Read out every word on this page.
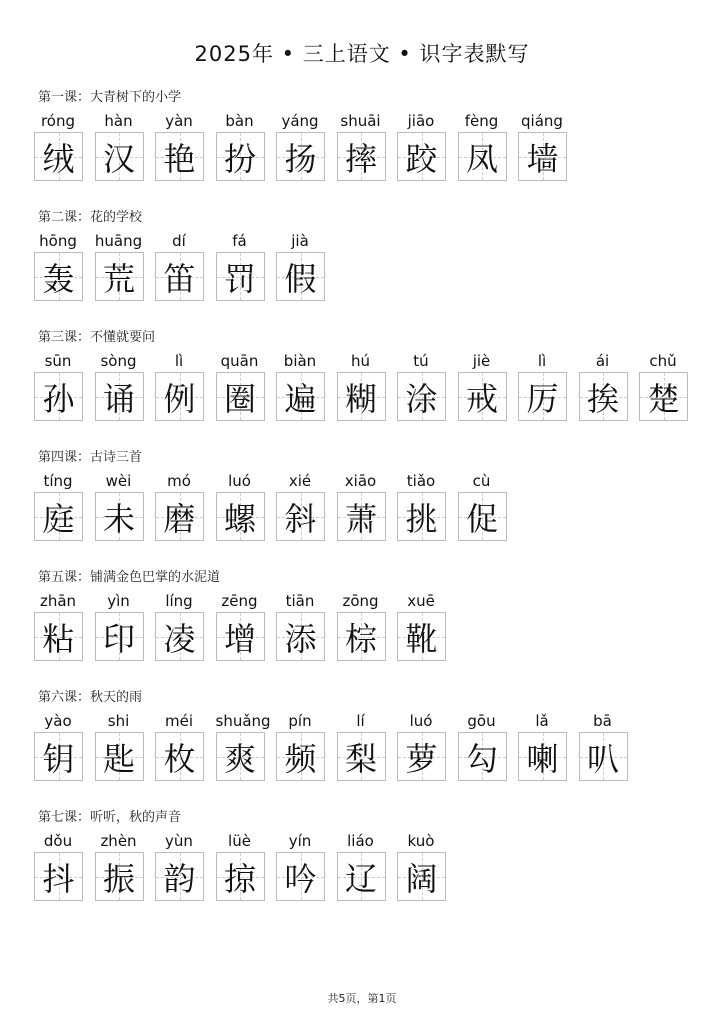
2025年 • 三上语文 • 识字表默写
第一课：大青树下的小学
róng
绒
hàn
汉
yàn
艳
bàn
扮
yáng
扬
shuāi
摔
jiāo
跤
fèng
凤
qiáng
墙
第二课：花的学校
hōng
轰
huāng
荒
dí
笛
fá
罚
jià
假
第三课：不懂就要问
sūn
孙
sòng
诵
lì
例
quān
圈
biàn
遍
hú
糊
tú
涂
jiè
戒
lì
厉
ái
挨
chǔ
楚
第四课：古诗三首
tíng
庭
wèi
未
mó
磨
luó
螺
xié
斜
xiāo
萧
tiǎo
挑
cù
促
第五课：铺满金色巴掌的水泥道
zhān
粘
yìn
印
líng
凌
zēng
增
tiān
添
zōng
棕
xuē
靴
第六课：秋天的雨
yào
钥
shi
匙
méi
枚
shuǎng
爽
pín
频
lí
梨
luó
萝
gōu
勾
lǎ
喇
bā
叭
第七课：听听，秋的声音
dǒu
抖
zhèn
振
yùn
韵
lüè
掠
yín
吟
liáo
辽
kuò
阔
共5页，第1页
